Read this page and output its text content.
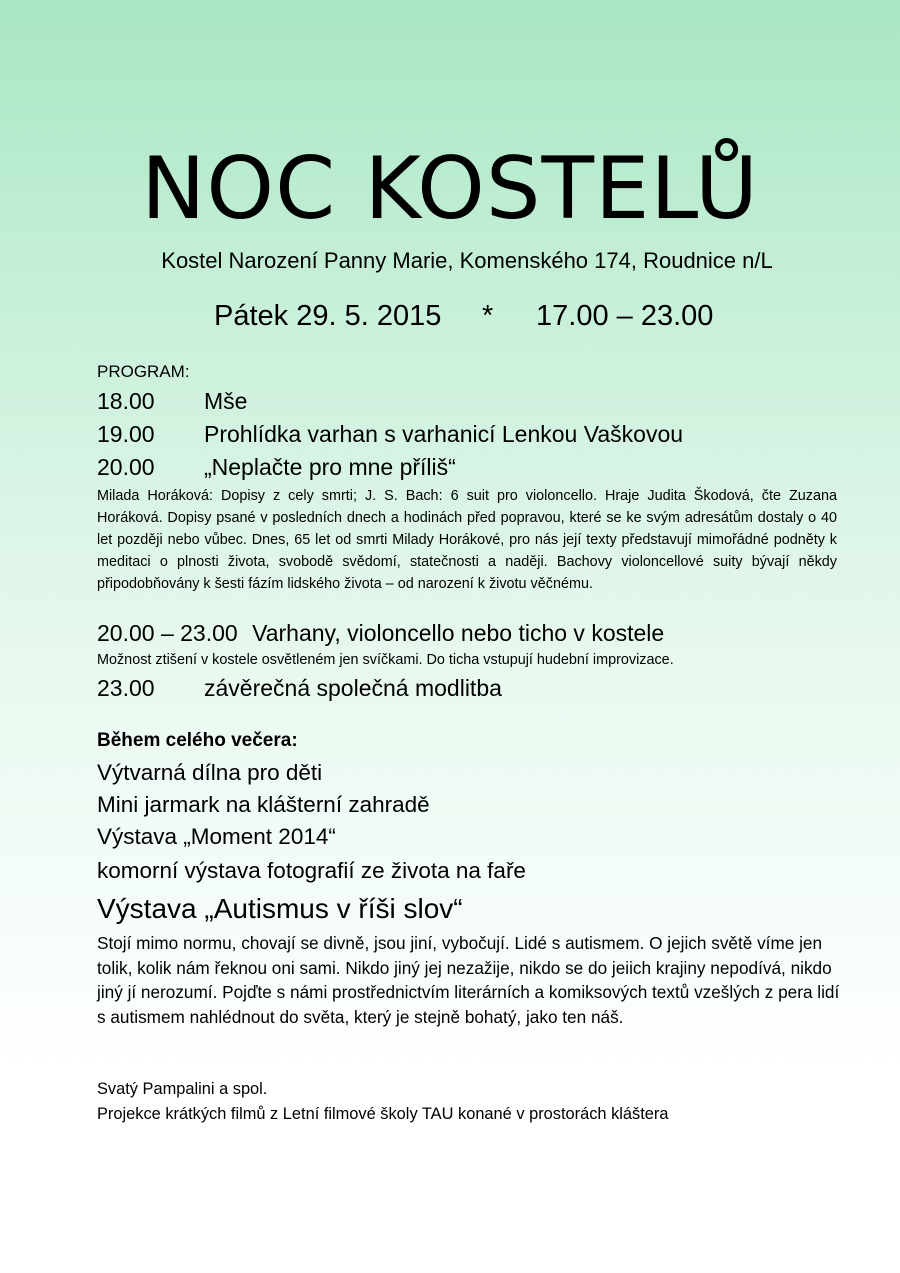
NOC KOSTELŮ
Kostel Narození Panny Marie, Komenského 174, Roudnice n/L
Pátek 29. 5. 2015 * 17.00 – 23.00
PROGRAM:
18.00 Mše
19.00 Prohlídka varhan s varhanicí Lenkou Vaškovou
20.00 „Neplačte pro mne příliš“
Milada Horáková: Dopisy z cely smrti; J. S. Bach: 6 suit pro violoncello. Hraje Judita Škodová, čte Zuzana Horáková. Dopisy psané v posledních dnech a hodinách před popravou, které se ke svým adresátům dostaly o 40 let později nebo vůbec. Dnes, 65 let od smrti Milady Horákové, pro nás její texty představují mimořádné podněty k meditaci o plnosti života, svobodě svědomí, statečnosti a naději. Bachovy violoncellové suity bývají někdy připodobňovány k šesti fázím lidského života – od narození k životu věčnému.
20.00 – 23.00 Varhany, violoncello nebo ticho v kostele
Možnost ztišení v kostele osvětleném jen svíčkami. Do ticha vstupují hudební improvizace.
23.00 závěrečná společná modlitba
Během celého večera:
Výtvarná dílna pro děti
Mini jarmark na klášterní zahradě
Výstava „Moment 2014“
komorní výstava fotografií ze života na faře
Výstava „Autismus v říši slov“
Stojí mimo normu, chovají se divně, jsou jiní, vybočují. Lidé s autismem. O jejich světě víme jen tolik, kolik nám řeknou oni sami. Nikdo jiný jej nezažije, nikdo se do jeiich krajiny nepodívá, nikdo jiný jí nerozumí. Pojďte s námi prostřednictvím literárních a komiksových textů vzešlých z pera lidí s autismem nahlédnout do světa, který je stejně bohatý, jako ten náš.
Svatý Pampalini a spol.
Projekce krátkých filmů z Letní filmové školy TAU konané v prostorách kláštera
